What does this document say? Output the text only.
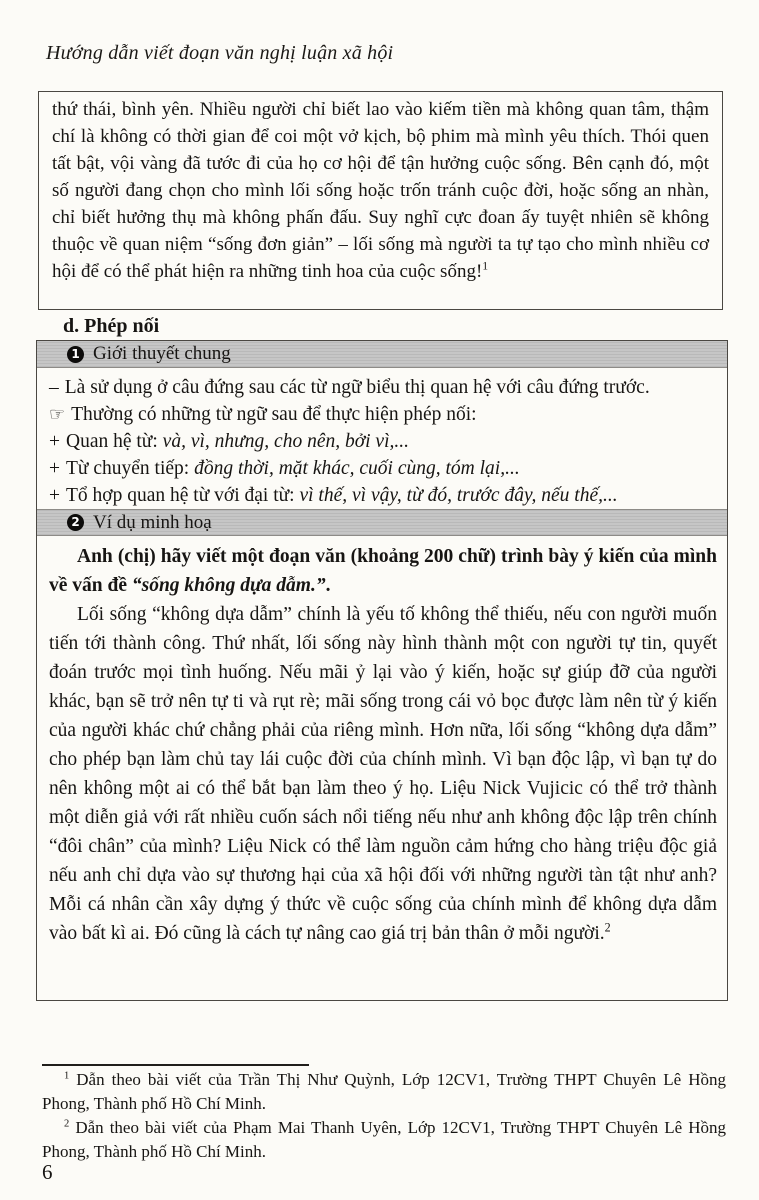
Hướng dẫn viết đoạn văn nghị luận xã hội

thứ thái, bình yên. Nhiều người chỉ biết lao vào kiếm tiền mà không quan tâm, thậm chí là không có thời gian để coi một vở kịch, bộ phim mà mình yêu thích. Thói quen tất bật, vội vàng đã tước đi của họ cơ hội để tận hưởng cuộc sống. Bên cạnh đó, một số người đang chọn cho mình lối sống hoặc trốn tránh cuộc đời, hoặc sống an nhàn, chỉ biết hưởng thụ mà không phấn đấu. Suy nghĩ cực đoan ấy tuyệt nhiên sẽ không thuộc về quan niệm “sống đơn giản” – lối sống mà người ta tự tạo cho mình nhiều cơ hội để có thể phát hiện ra những tinh hoa của cuộc sống!$^1$

d. Phép nối
1 Giới thuyết chung
– Là sử dụng ở câu đứng sau các từ ngữ biểu thị quan hệ với câu đứng trước.
☞ Thường có những từ ngữ sau để thực hiện phép nối:
+ Quan hệ từ: và, vì, nhưng, cho nên, bởi vì,...
+ Từ chuyển tiếp: đồng thời, mặt khác, cuối cùng, tóm lại,...
+ Tổ hợp quan hệ từ với đại từ: vì thế, vì vậy, từ đó, trước đây, nếu thế,...
2 Ví dụ minh hoạ

Anh (chị) hãy viết một đoạn văn (khoảng 200 chữ) trình bày ý kiến của mình về vấn đề “sống không dựa dẫm.”.

Lối sống “không dựa dẫm” chính là yếu tố không thể thiếu, nếu con người muốn tiến tới thành công. Thứ nhất, lối sống này hình thành một con người tự tin, quyết đoán trước mọi tình huống. Nếu mãi ỷ lại vào ý kiến, hoặc sự giúp đỡ của người khác, bạn sẽ trở nên tự ti và rụt rè; mãi sống trong cái vỏ bọc được làm nên từ ý kiến của người khác chứ chẳng phải của riêng mình. Hơn nữa, lối sống “không dựa dẫm” cho phép bạn làm chủ tay lái cuộc đời của chính mình. Vì bạn độc lập, vì bạn tự do nên không một ai có thể bắt bạn làm theo ý họ. Liệu Nick Vujicic có thể trở thành một diễn giả với rất nhiều cuốn sách nổi tiếng nếu như anh không độc lập trên chính “đôi chân” của mình? Liệu Nick có thể làm nguồn cảm hứng cho hàng triệu độc giả nếu anh chỉ dựa vào sự thương hại của xã hội đối với những người tàn tật như anh? Mỗi cá nhân cần xây dựng ý thức về cuộc sống của chính mình để không dựa dẫm vào bất kì ai. Đó cũng là cách tự nâng cao giá trị bản thân ở mỗi người.$^2$

$^1$ Dẫn theo bài viết của Trần Thị Như Quỳnh, Lớp 12CV1, Trường THPT Chuyên Lê Hồng Phong, Thành phố Hồ Chí Minh.
$^2$ Dẫn theo bài viết của Phạm Mai Thanh Uyên, Lớp 12CV1, Trường THPT Chuyên Lê Hồng Phong, Thành phố Hồ Chí Minh.
6
